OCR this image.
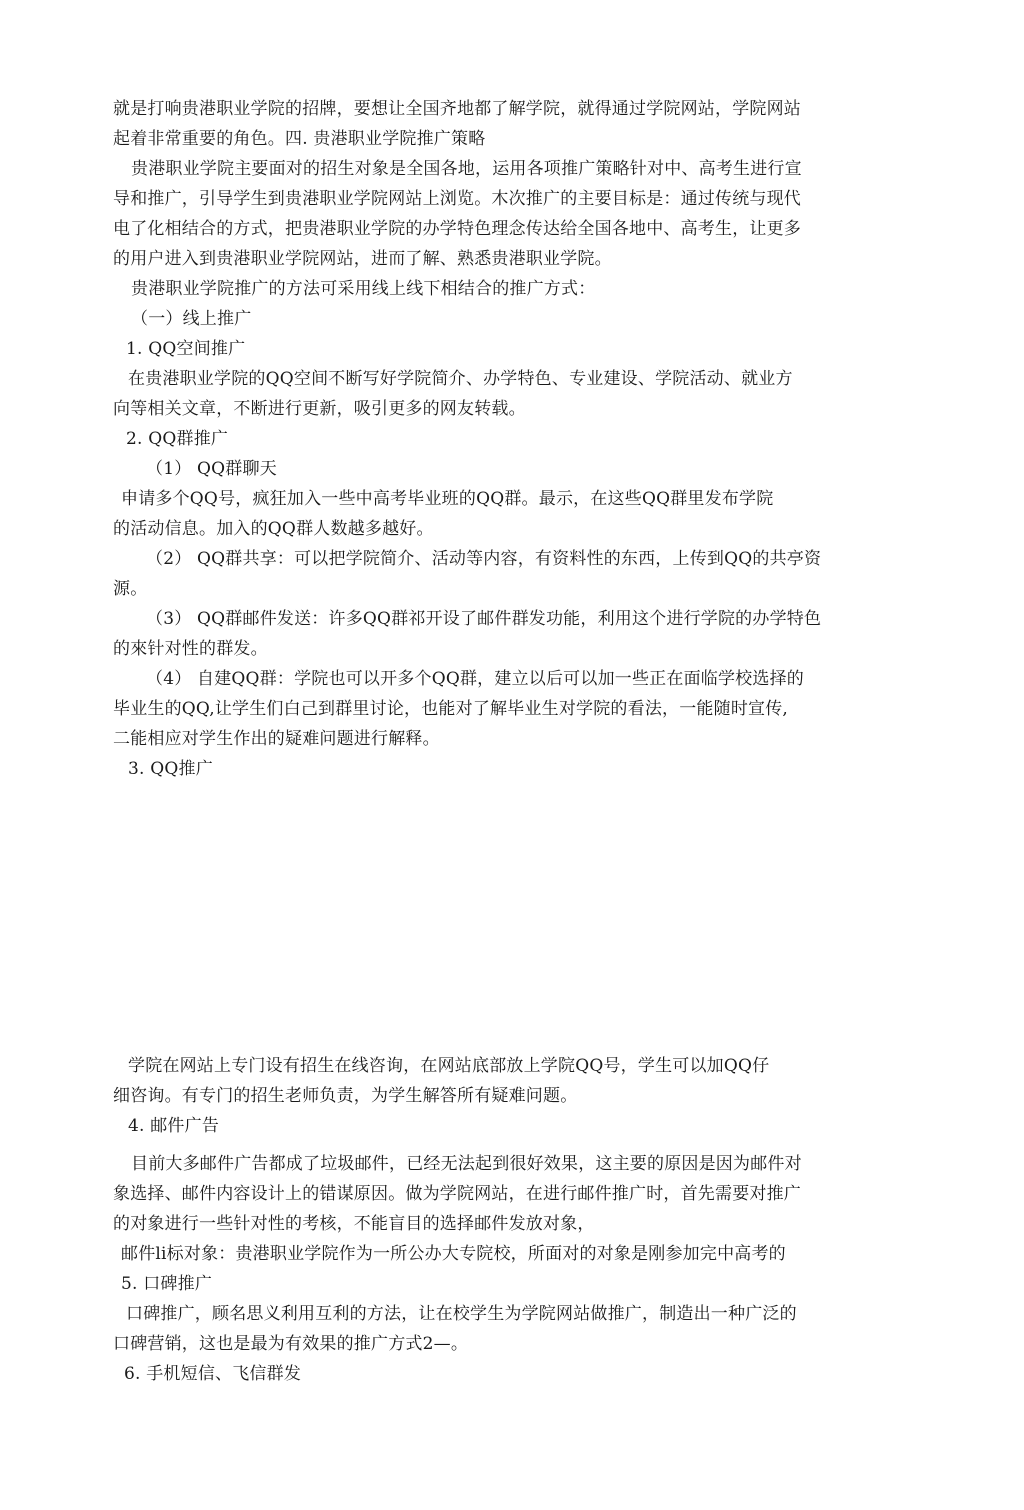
就是打响贵港职业学院的招牌，要想让全国齐地都了解学院，就得通过学院网站，学院网站
起着非常重要的角色。四. 贵港职业学院推广策略
贵港职业学院主要面对的招生对象是全国各地，运用各项推广策略针对中、高考生进行宣
导和推广，引导学生到贵港职业学院网站上浏览。木次推广的主要目标是：通过传统与现代
电了化相结合的方式，把贵港职业学院的办学特色理念传达给全国各地中、高考生，让更多
的用户进入到贵港职业学院网站，进而了解、熟悉贵港职业学院。
贵港职业学院推广的方法可采用线上线下相结合的推广方式：
（一）线上推广
1. QQ空间推广
在贵港职业学院的QQ空间不断写好学院简介、办学特色、专业建设、学院活动、就业方
向等相关文章，不断进行更新，吸引更多的网友转载。
2. QQ群推广
（1） QQ群聊天
申请多个QQ号，疯狂加入一些中高考毕业班的QQ群。最示，在这些QQ群里发布学院
的活动信息。加入的QQ群人数越多越好。
（2） QQ群共享：可以把学院简介、活动等内容，有资料性的东西，上传到QQ的共亭资
源。
（3） QQ群邮件发送：许多QQ群祁开设了邮件群发功能，利用这个进行学院的办学特色
的來针对性的群发。
（4） 自建QQ群：学院也可以开多个QQ群，建立以后可以加一些正在面临学校选择的
毕业生的QQ,让学生们白己到群里讨论，也能对了解毕业生对学院的看法，一能随时宣传,
二能相应对学生作出的疑难问题进行解释。
3. QQ推广
学院在网站上专门设有招生在线咨询，在网站底部放上学院QQ号，学生可以加QQ仔
细咨询。有专门的招生老师负责，为学生解答所有疑难问题。
4. 邮件广告
目前大多邮件广告都成了垃圾邮件，已经无法起到很好效果，这主要的原因是因为邮件对
象选择、邮件内容设计上的错谋原因。做为学院网站，在进行邮件推广时，首先需要对推广
的对象进行一些针对性的考核，不能盲目的选择邮件发放对象，
邮件li标对象：贵港职业学院作为一所公办大专院校，所面对的对象是刚参加完中高考的
5. 口碑推广
口碑推广，顾名思义利用互利的方法，让在校学生为学院网站做推广，制造出一种广泛的
口碑营销，这也是最为有效果的推广方式2—。
6. 手机短信、飞信群发
